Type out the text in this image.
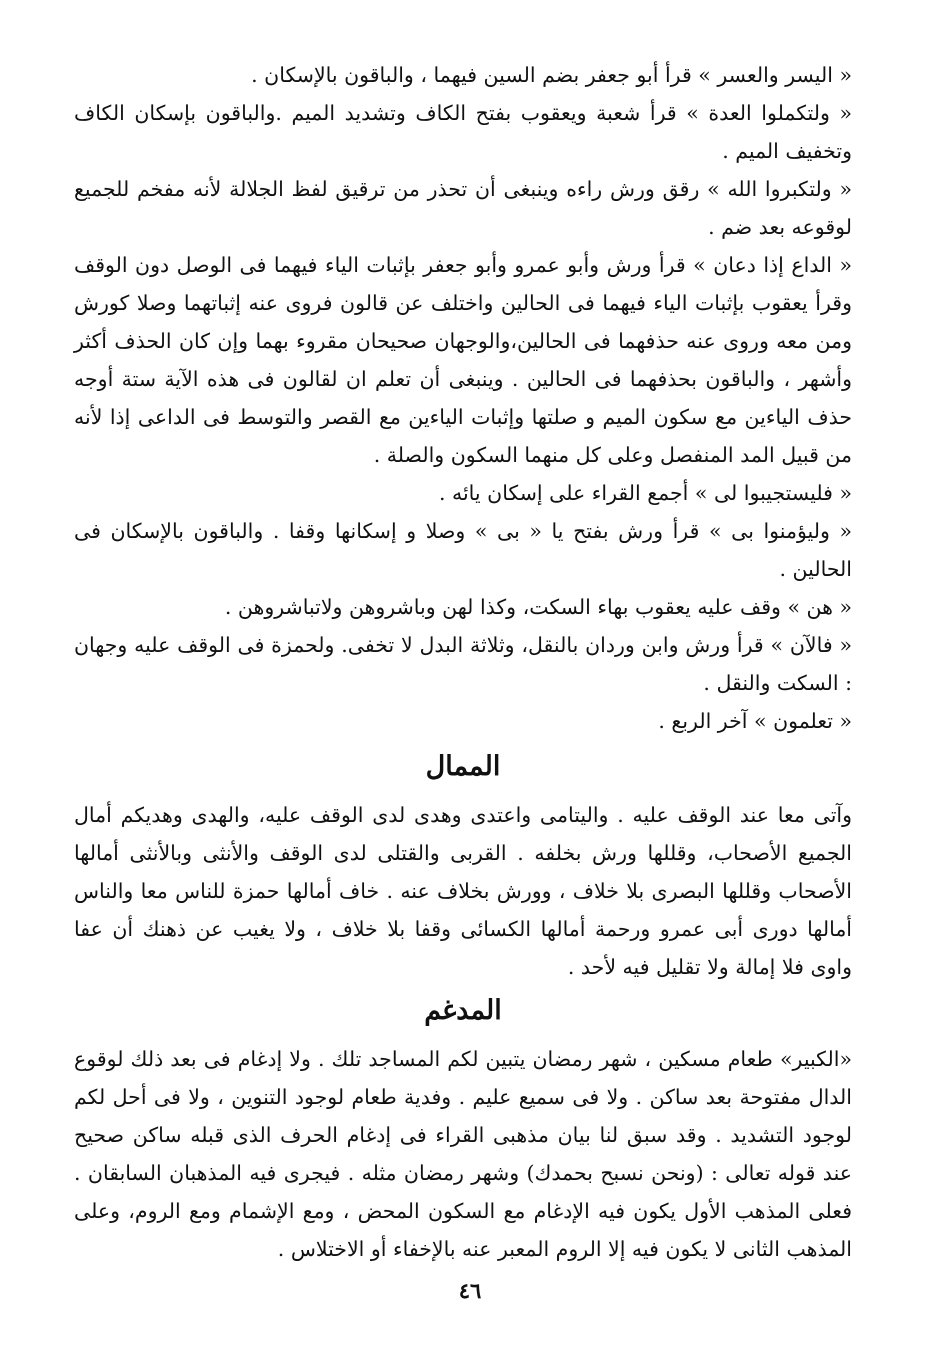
« اليسر والعسر » قرأ أبو جعفر بضم السين فيهما ، والباقون بالإسكان .

« ولتكملوا العدة » قرأ شعبة ويعقوب بفتح الكاف وتشديد الميم .والباقون بإسكان الكاف وتخفيف الميم .

« ولتكبروا الله » رقق ورش راءه وينبغى أن تحذر من ترقيق لفظ الجلالة لأنه مفخم للجميع لوقوعه بعد ضم .

« الداع إذا دعان » قرأ ورش وأبو عمرو وأبو جعفر بإثبات الياء فيهما فى الوصل دون الوقف وقرأ يعقوب بإثبات الياء فيهما فى الحالين واختلف عن قالون فروى عنه إثباتهما وصلا كورش ومن معه وروى عنه حذفهما فى الحالين،والوجهان صحيحان مقروء بهما وإن كان الحذف أكثر وأشهر ، والباقون بحذفهما فى الحالين . وينبغى أن تعلم ان لقالون فى هذه الآية ستة أوجه حذف الياءين مع سكون الميم و صلتها وإثبات الياءين مع القصر والتوسط فى الداعى إذا لأنه من قبيل المد المنفصل وعلى كل منهما السكون والصلة .

« فليستجيبوا لى » أجمع القراء على إسكان يائه .

« وليؤمنوا بى » قرأ ورش بفتح يا « بى » وصلا و إسكانها وقفا . والباقون بالإسكان فى الحالين .

« هن » وقف عليه يعقوب بهاء السكت، وكذا لهن وباشروهن ولاتباشروهن .

« فالآن » قرأ ورش وابن وردان بالنقل، وثلاثة البدل لا تخفى. ولحمزة فى الوقف عليه وجهان : السكت والنقل .

« تعلمون » آخر الربع .

الممال

وآتى معا عند الوقف عليه . واليتامى واعتدى وهدى لدى الوقف عليه، والهدى وهديكم أمال الجميع الأصحاب، وقللها ورش بخلفه . القربى والقتلى لدى الوقف والأنثى وبالأنثى أمالها الأصحاب وقللها البصرى بلا خلاف ، وورش بخلاف عنه . خاف أمالها حمزة للناس معا والناس أمالها دورى أبى عمرو ورحمة أمالها الكسائى وقفا بلا خلاف ، ولا يغيب عن ذهنك أن عفا واوى فلا إمالة ولا تقليل فيه لأحد .

المدغم

«الكبير» طعام مسكين ، شهر رمضان يتبين لكم المساجد تلك . ولا إدغام فى بعد ذلك لوقوع الدال مفتوحة بعد ساكن . ولا فى سميع عليم . وفدية طعام لوجود التنوين ، ولا فى أحل لكم لوجود التشديد . وقد سبق لنا بيان مذهبى القراء فى إدغام الحرف الذى قبله ساكن صحيح عند قوله تعالى : (ونحن نسبح بحمدك) وشهر رمضان مثله . فيجرى فيه المذهبان السابقان . فعلى المذهب الأول يكون فيه الإدغام مع السكون المحض ، ومع الإشمام ومع الروم، وعلى المذهب الثانى لا يكون فيه إلا الروم المعبر عنه بالإخفاء أو الاختلاس .

٤٦
